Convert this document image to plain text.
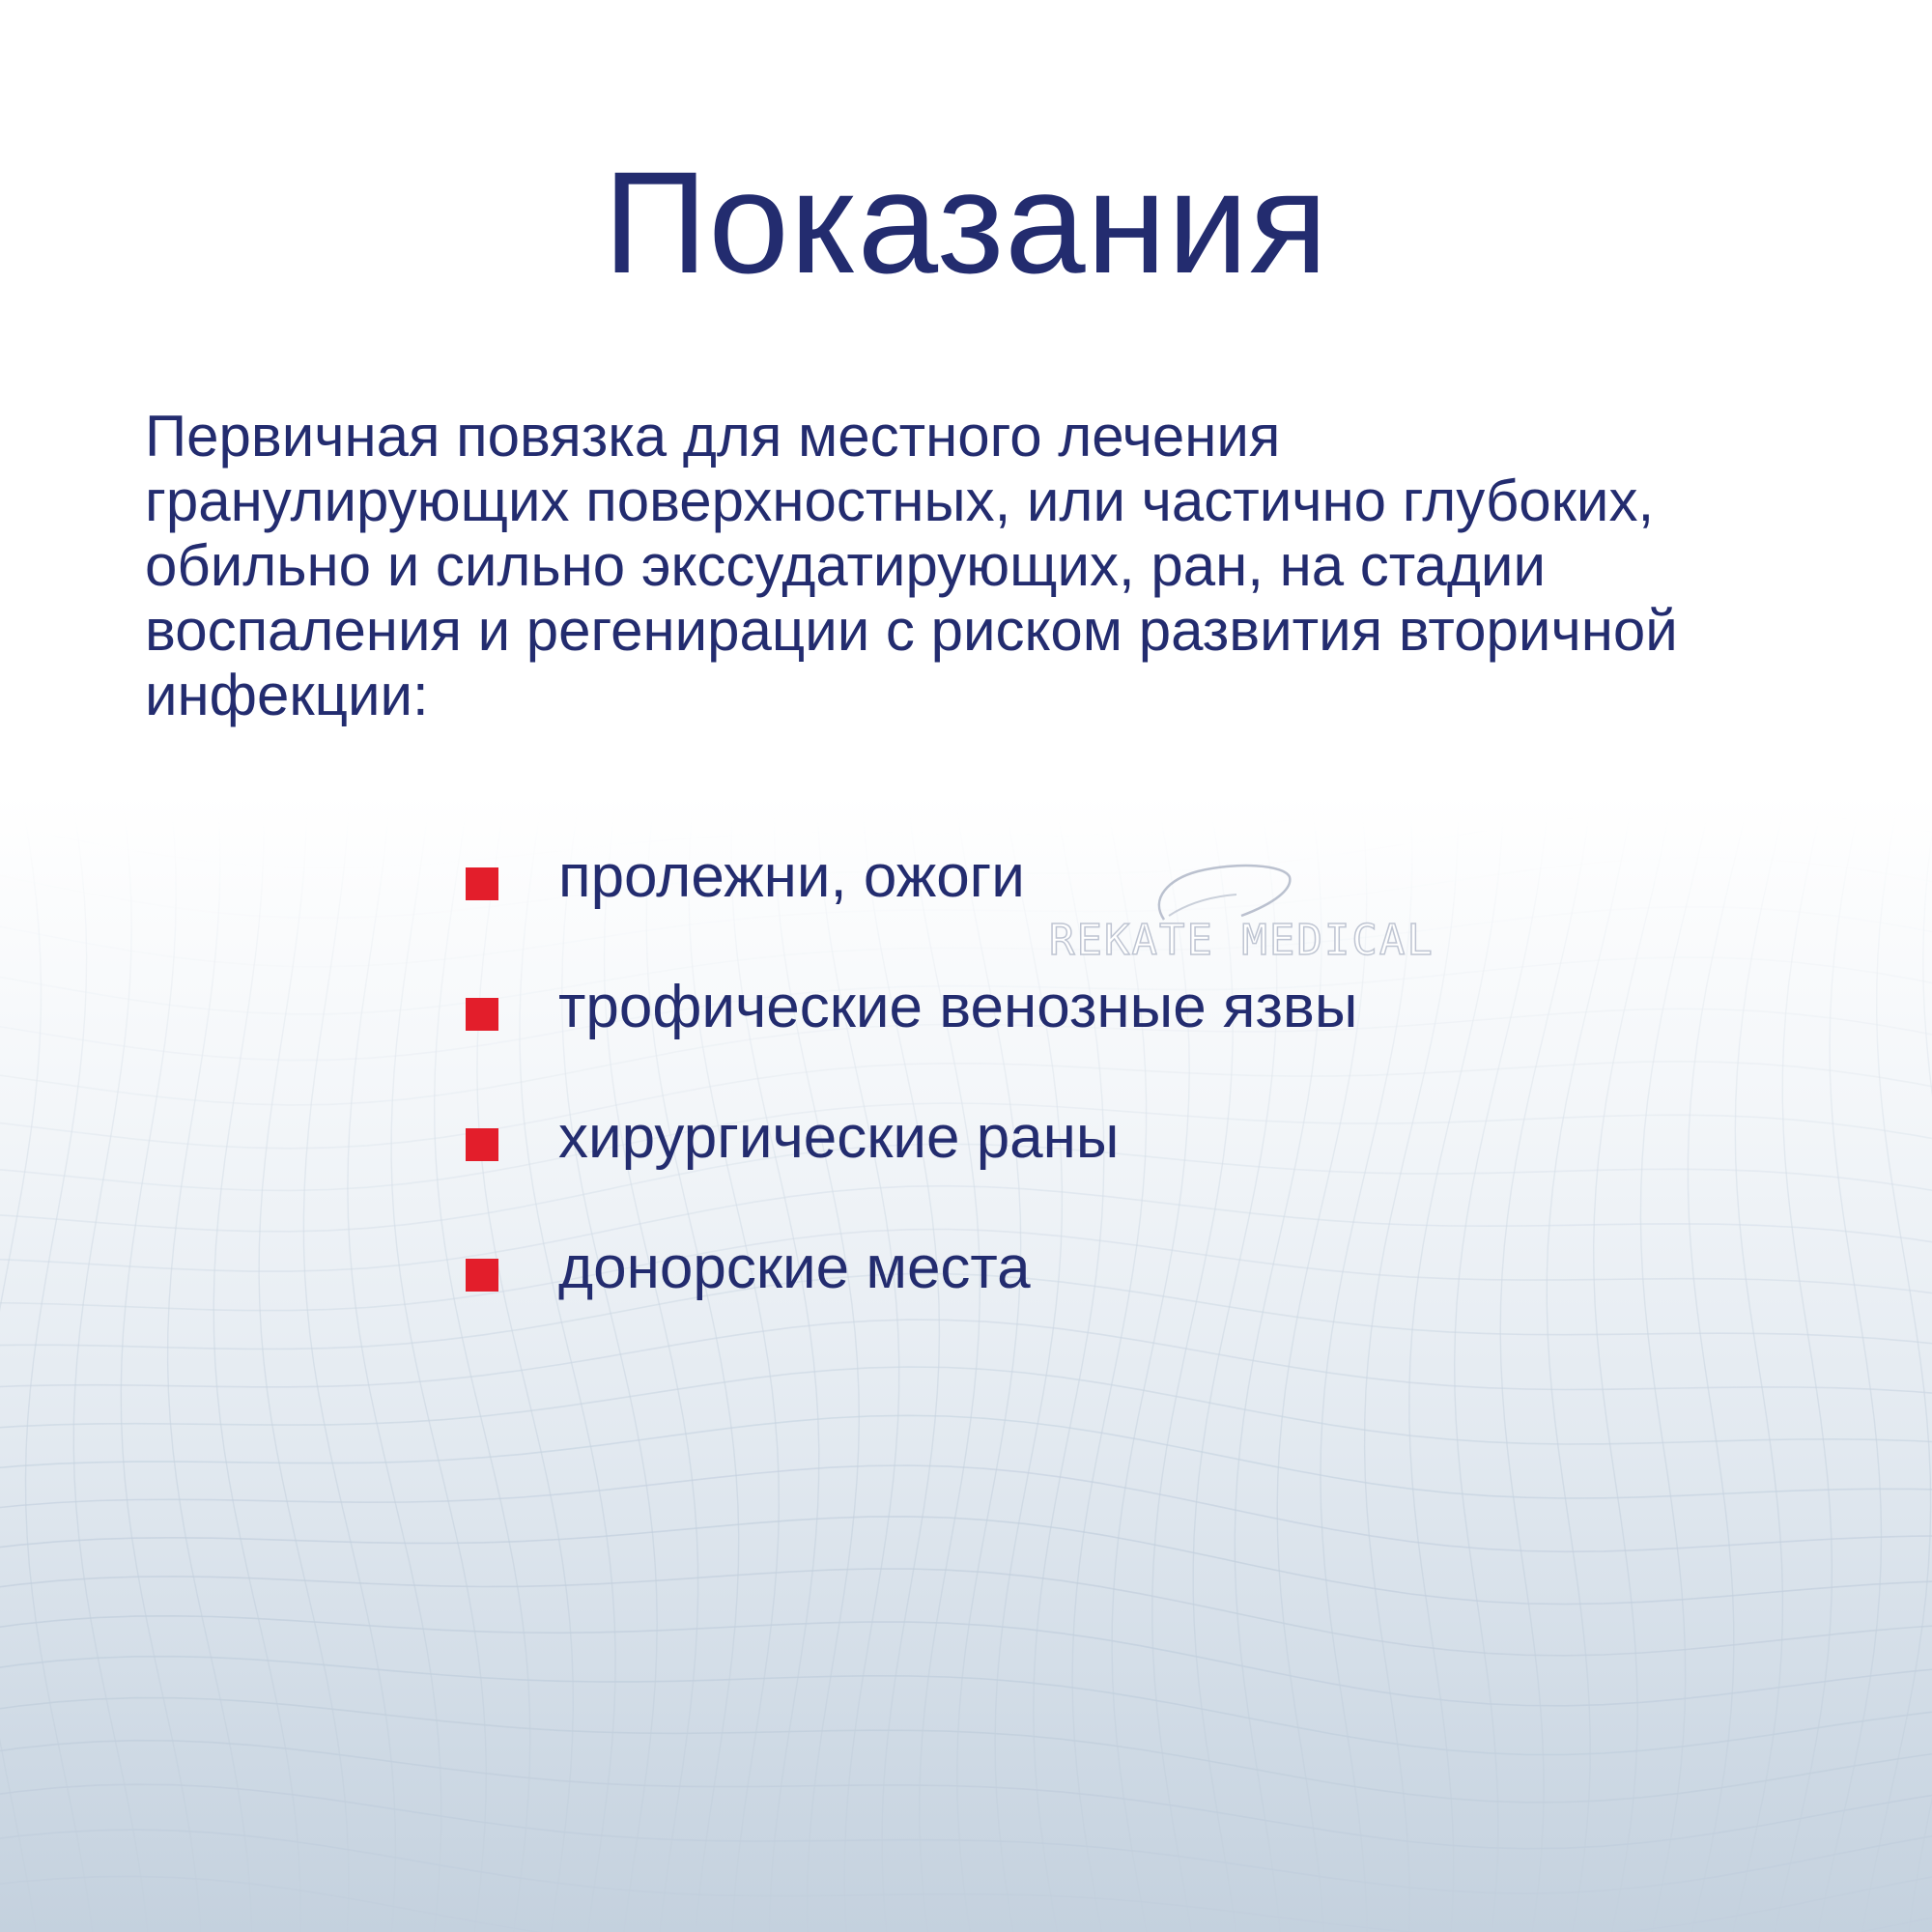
Показания
Первичная повязка для местного лечения
гранулирующих поверхностных, или частично глубоких,
обильно и сильно экссудатирующих, ран, на стадии
воспаления и регенирации с риском развития вторичной
инфекции:
пролежни, ожоги
трофические венозные язвы
хирургические раны
донорские места
REKATE MEDICAL
